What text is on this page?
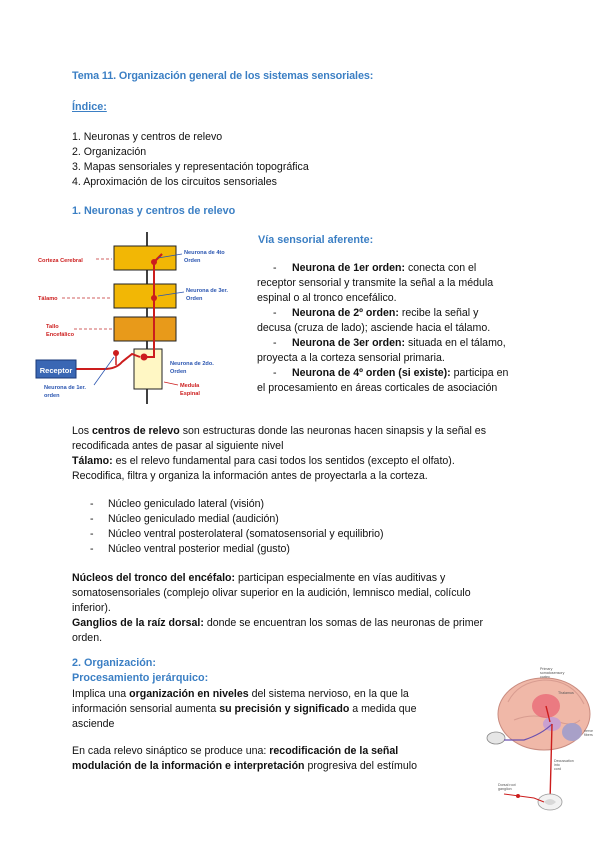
Tema 11. Organización general de los sistemas sensoriales:
Índice:
1. Neuronas y centros de relevo
2. Organización
3. Mapas sensoriales y representación topográfica
4. Aproximación de los circuitos sensoriales
1. Neuronas y centros de relevo
Receptor
Corteza Cerebral
Tálamo
Tallo
Encefálico
Neurona de 4to
Orden
Neurona de 3er.
Orden
Neurona de 2do.
Orden
Medula
Espinal
Neurona de 1er.
orden
Vía sensorial aferente:
- Neurona de 1er orden: conecta con el
receptor sensorial y transmite la señal a la médula
espinal o al tronco encefálico.
- Neurona de 2º orden: recibe la señal y
decusa (cruza de lado); asciende hacia el tálamo.
- Neurona de 3er orden: situada en el tálamo,
proyecta a la corteza sensorial primaria.
- Neurona de 4º orden (si existe): participa en
el procesamiento en áreas corticales de asociación
Los centros de relevo son estructuras donde las neuronas hacen sinapsis y la señal es
recodificada antes de pasar al siguiente nivel
Tálamo: es el relevo fundamental para casi todos los sentidos (excepto el olfato).
Recodifica, filtra y organiza la información antes de proyectarla a la corteza.
- Núcleo geniculado lateral (visión)
- Núcleo geniculado medial (audición)
- Núcleo ventral posterolateral (somatosensorial y equilibrio)
- Núcleo ventral posterior medial (gusto)
Núcleos del tronco del encéfalo: participan especialmente en vías auditivas y
somatosensoriales (complejo olivar superior en la audición, lemnisco medial, colículo
inferior).
Ganglios de la raíz dorsal: donde se encuentran los somas de las neuronas de primer
orden.
2. Organización:
Procesamiento jerárquico:
Implica una organización en niveles del sistema nervioso, en la que la
información sensorial aumenta su precisión y significado a medida que
asciende
En cada relevo sináptico se produce una: recodificación de la señal
modulación de la información e interpretación progresiva del estímulo
Primary
somatosensory
cortex
Thalamus
nerve
fibers
Decussation
into
cord
Dorsal root
ganglion
